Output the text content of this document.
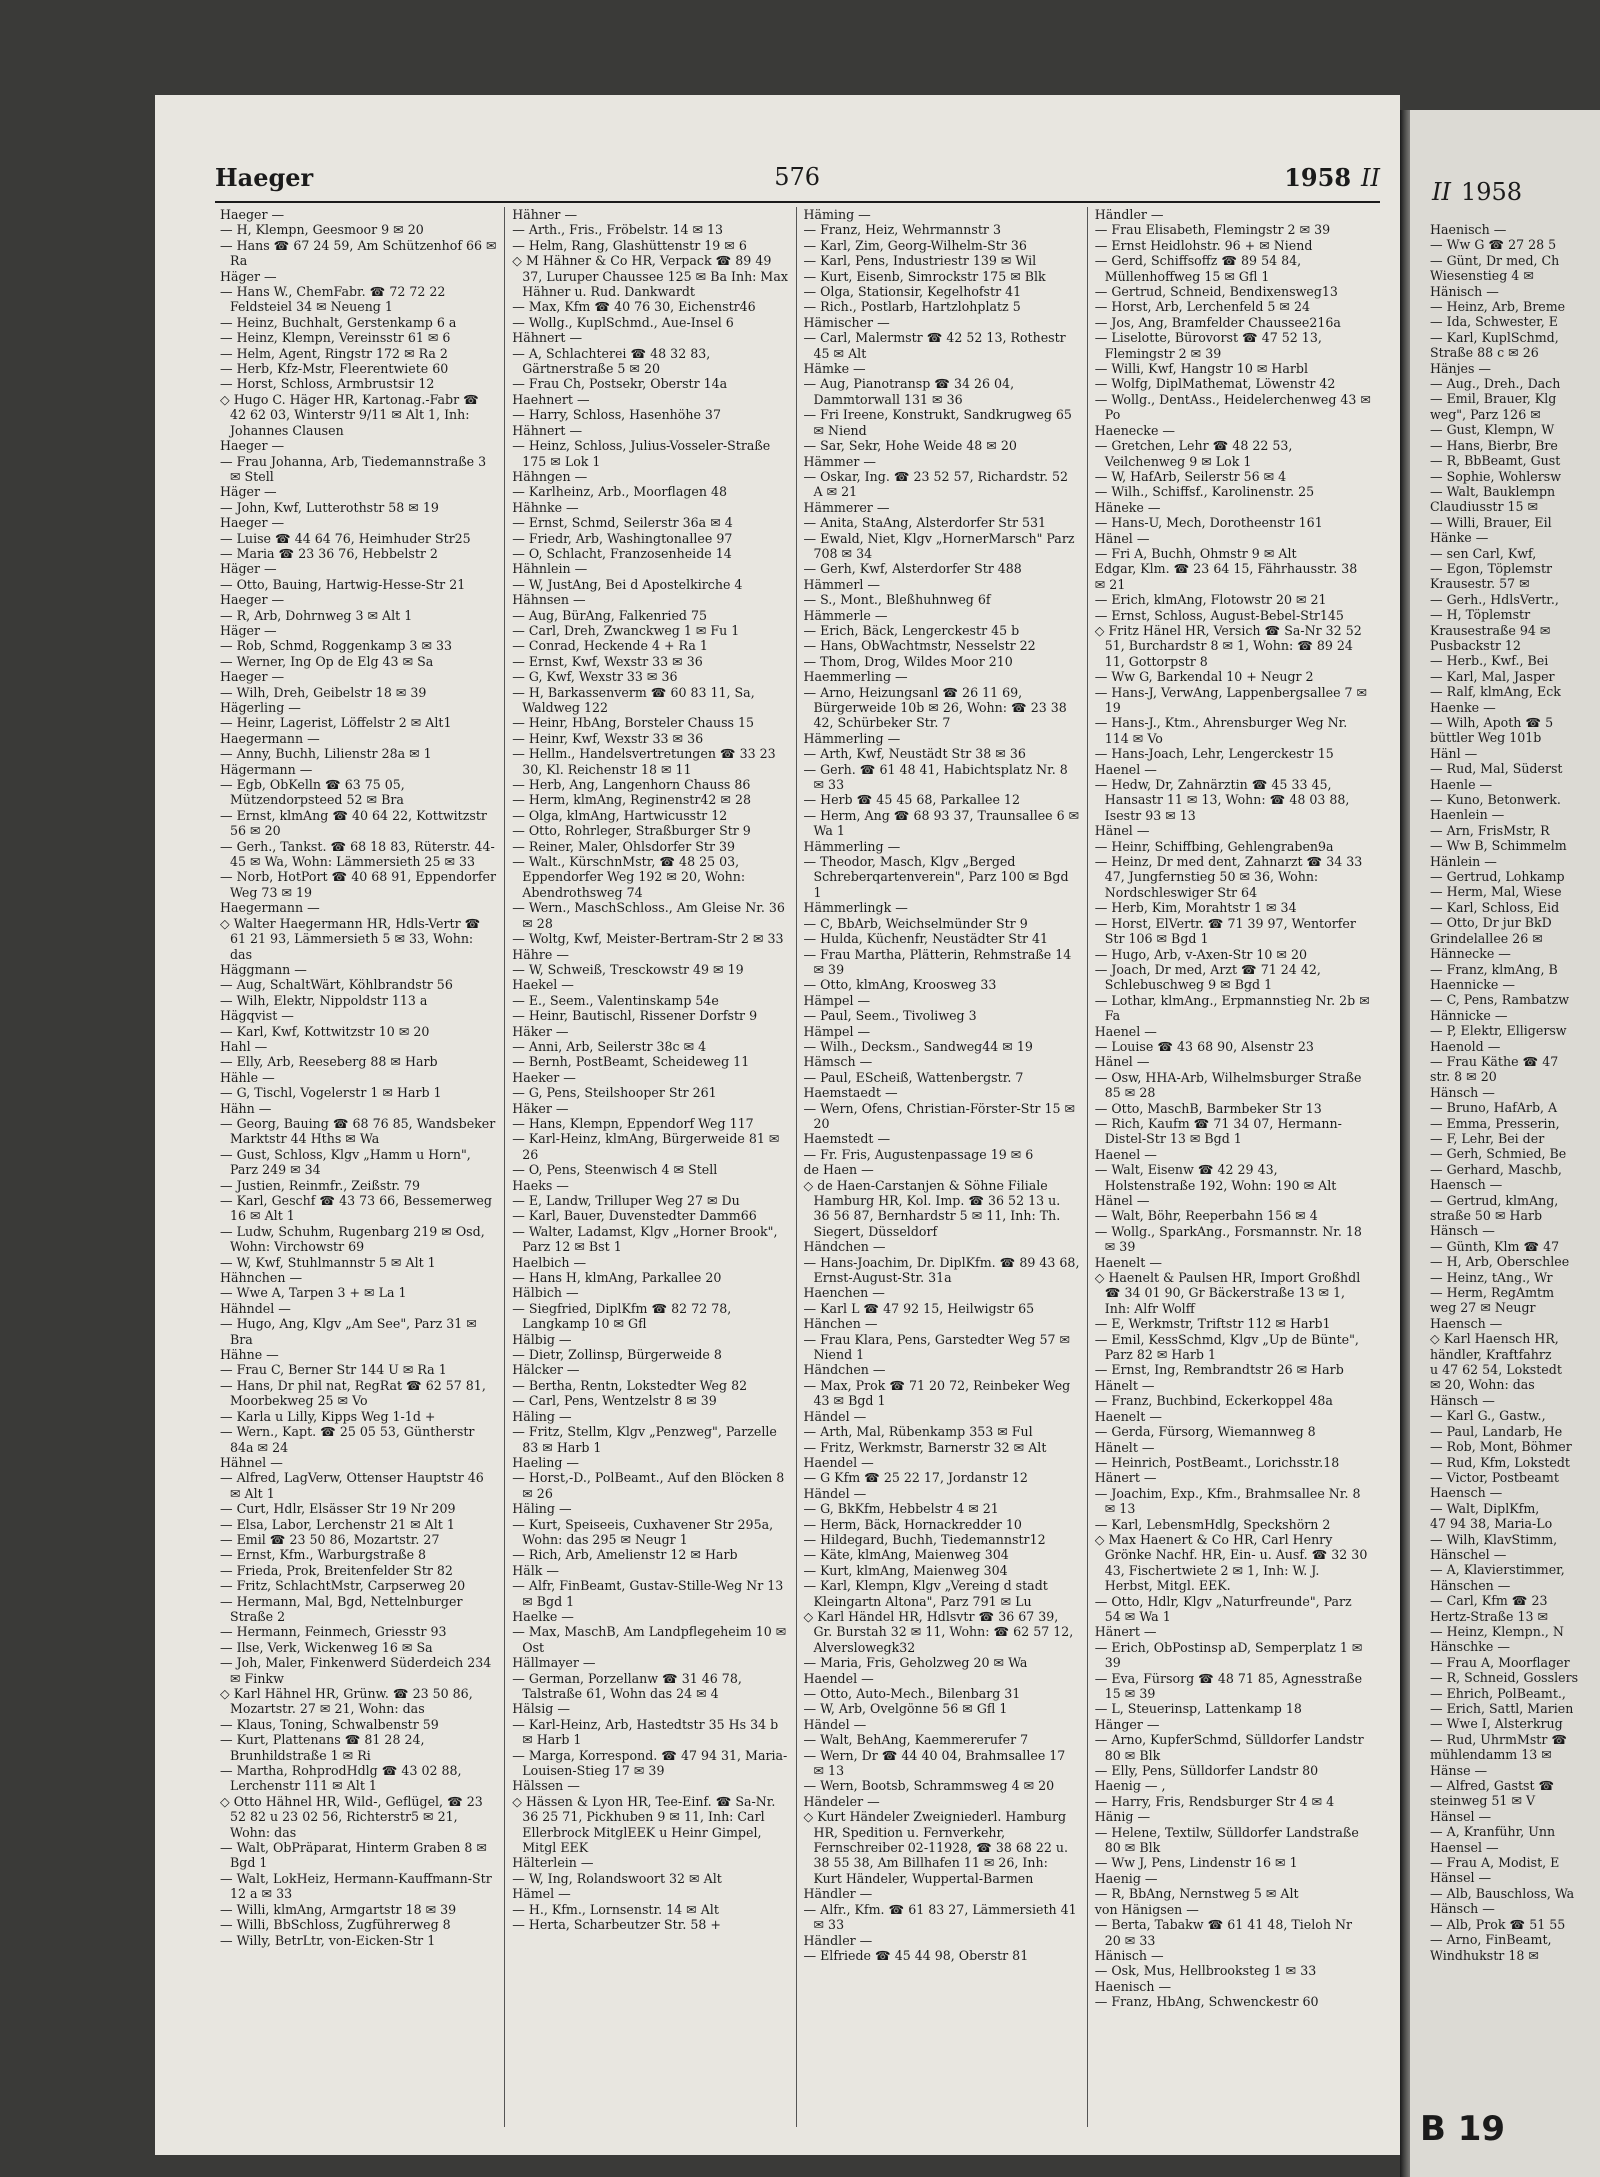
Haeger	576	1958 II

Haeger —

— H, Klempn, Geesmoor 9 ✉ 20

— Hans ☎ 67 24 59, Am Schützenhof 66 ✉ Ra

Häger —

— Hans W., ChemFabr. ☎ 72 72 22 Feldsteiel 34 ✉ Neueng 1

— Heinz, Buchhalt, Gerstenkamp 6 a

— Heinz, Klempn, Vereinsstr 61 ✉ 6

— Helm, Agent, Ringstr 172 ✉ Ra 2

— Herb, Kfz-Mstr, Fleerentwiete 60

— Horst, Schloss, Armbrustsir 12

◇ Hugo C. Häger HR, Kartonag.-Fabr ☎ 42 62 03, Winterstr 9/11 ✉ Alt 1, Inh: Johannes Clausen

Haeger —

— Frau Johanna, Arb, Tiedemannstraße 3 ✉ Stell

Häger —

— John, Kwf, Lutterothstr 58 ✉ 19

Haeger —

— Luise ☎ 44 64 76, Heimhuder Str25

— Maria ☎ 23 36 76, Hebbelstr 2

Häger —

— Otto, Bauing, Hartwig-Hesse-Str 21

Haeger —

— R, Arb, Dohrnweg 3 ✉ Alt 1

Häger —

— Rob, Schmd, Roggenkamp 3 ✉ 33

— Werner, Ing Op de Elg 43 ✉ Sa

Haeger —

— Wilh, Dreh, Geibelstr 18 ✉ 39

Hägerling —

— Heinr, Lagerist, Löffelstr 2 ✉ Alt1

Haegermann —

— Anny, Buchh, Lilienstr 28a ✉ 1

Hägermann —

— Egb, ObKelln ☎ 63 75 05, Mützendorpsteed 52 ✉ Bra

— Ernst, klmAng ☎ 40 64 22, Kottwitzstr 56 ✉ 20

— Gerh., Tankst. ☎ 68 18 83, Rüterstr. 44-45 ✉ Wa, Wohn: Lämmersieth 25 ✉ 33

— Norb, HotPort ☎ 40 68 91, Eppendorfer Weg 73 ✉ 19

Haegermann —

◇ Walter Haegermann HR, Hdls-Vertr ☎ 61 21 93, Lämmersieth 5 ✉ 33, Wohn: das

Häggmann —

— Aug, SchaltWärt, Köhlbrandstr 56

— Wilh, Elektr, Nippoldstr 113 a

Hägqvist —

— Karl, Kwf, Kottwitzstr 10 ✉ 20

Hahl —

— Elly, Arb, Reeseberg 88 ✉ Harb

Hähle —

— G, Tischl, Vogelerstr 1 ✉ Harb 1

Hähn —

— Georg, Bauing ☎ 68 76 85, Wandsbeker Marktstr 44 Hths ✉ Wa

— Gust, Schloss, Klgv „Hamm u Horn", Parz 249 ✉ 34

— Justien, Reinmfr., Zeißstr. 79

— Karl, Geschf ☎ 43 73 66, Bessemerweg 16 ✉ Alt 1

— Ludw, Schuhm, Rugenbarg 219 ✉ Osd, Wohn: Virchowstr 69

— W, Kwf, Stuhlmannstr 5 ✉ Alt 1

Hähnchen —

— Wwe A, Tarpen 3 + ✉ La 1

Hähndel —

— Hugo, Ang, Klgv „Am See", Parz 31 ✉ Bra

Hähne —

— Frau C, Berner Str 144 U ✉ Ra 1

— Hans, Dr phil nat, RegRat ☎ 62 57 81, Moorbekweg 25 ✉ Vo

— Karla u Lilly, Kipps Weg 1-1d +

— Wern., Kapt. ☎ 25 05 53, Güntherstr 84a ✉ 24

Hähnel —

— Alfred, LagVerw, Ottenser Hauptstr 46 ✉ Alt 1

— Curt, Hdlr, Elsässer Str 19 Nr 209

— Elsa, Labor, Lerchenstr 21 ✉ Alt 1

— Emil ☎ 23 50 86, Mozartstr. 27

— Ernst, Kfm., Warburgstraße 8

— Frieda, Prok, Breitenfelder Str 82

— Fritz, SchlachtMstr, Carpserweg 20

— Hermann, Mal, Bgd, Nettelnburger Straße 2

— Hermann, Feinmech, Griesstr 93

— Ilse, Verk, Wickenweg 16 ✉ Sa

— Joh, Maler, Finkenwerd Süderdeich 234 ✉ Finkw

◇ Karl Hähnel HR, Grünw. ☎ 23 50 86, Mozartstr. 27 ✉ 21, Wohn: das

— Klaus, Toning, Schwalbenstr 59

— Kurt, Plattenans ☎ 81 28 24, Brunhildstraße 1 ✉ Ri

— Martha, RohprodHdlg ☎ 43 02 88, Lerchenstr 111 ✉ Alt 1

◇ Otto Hähnel HR, Wild-, Geflügel, ☎ 23 52 82 u 23 02 56, Richterstr5 ✉ 21, Wohn: das

— Walt, ObPräparat, Hinterm Graben 8 ✉ Bgd 1

— Walt, LokHeiz, Hermann-Kauffmann-Str 12 a ✉ 33

— Willi, klmAng, Armgartstr 18 ✉ 39

— Willi, BbSchloss, Zugführerweg 8

— Willy, BetrLtr, von-Eicken-Str 1

Hähner —

— Arth., Fris., Fröbelstr. 14 ✉ 13

— Helm, Rang, Glashüttenstr 19 ✉ 6

◇ M Hähner & Co HR, Verpack ☎ 89 49 37, Luruper Chaussee 125 ✉ Ba Inh: Max Hähner u. Rud. Dankwardt

— Max, Kfm ☎ 40 76 30, Eichenstr46

— Wollg., KuplSchmd., Aue-Insel 6

Hähnert —

— A, Schlachterei ☎ 48 32 83, Gärtnerstraße 5 ✉ 20

— Frau Ch, Postsekr, Oberstr 14a

Haehnert —

— Harry, Schloss, Hasenhöhe 37

Hähnert —

— Heinz, Schloss, Julius-Vosseler-Straße 175 ✉ Lok 1

Hähngen —

— Karlheinz, Arb., Moorflagen 48

Hähnke —

— Ernst, Schmd, Seilerstr 36a ✉ 4

— Friedr, Arb, Washingtonallee 97

— O, Schlacht, Franzosenheide 14

Hähnlein —

— W, JustAng, Bei d Apostelkirche 4

Hähnsen —

— Aug, BürAng, Falkenried 75

— Carl, Dreh, Zwanckweg 1 ✉ Fu 1

— Conrad, Heckende 4 + Ra 1

— Ernst, Kwf, Wexstr 33 ✉ 36

— G, Kwf, Wexstr 33 ✉ 36

— H, Barkassenverm ☎ 60 83 11, Sa, Waldweg 122

— Heinr, HbAng, Borsteler Chauss 15

— Heinr, Kwf, Wexstr 33 ✉ 36

— Hellm., Handelsvertretungen ☎ 33 23 30, Kl. Reichenstr 18 ✉ 11

— Herb, Ang, Langenhorn Chauss 86

— Herm, klmAng, Reginenstr42 ✉ 28

— Olga, klmAng, Hartwicusstr 12

— Otto, Rohrleger, Straßburger Str 9

— Reiner, Maler, Ohlsdorfer Str 39

— Walt., KürschnMstr, ☎ 48 25 03, Eppendorfer Weg 192 ✉ 20, Wohn: Abendrothsweg 74

— Wern., MaschSchloss., Am Gleise Nr. 36 ✉ 28

— Woltg, Kwf, Meister-Bertram-Str 2 ✉ 33

Hähre —

— W, Schweiß, Tresckowstr 49 ✉ 19

Haekel —

— E., Seem., Valentinskamp 54e

— Heinr, Bautischl, Rissener Dorfstr 9

Häker —

— Anni, Arb, Seilerstr 38c ✉ 4

— Bernh, PostBeamt, Scheideweg 11

Haeker —

— G, Pens, Steilshooper Str 261

Häker —

— Hans, Klempn, Eppendorf Weg 117

— Karl-Heinz, klmAng, Bürgerweide 81 ✉ 26

— O, Pens, Steenwisch 4 ✉ Stell

Haeks —

— E, Landw, Trilluper Weg 27 ✉ Du

— Karl, Bauer, Duvenstedter Damm66

— Walter, Ladamst, Klgv „Horner Brook", Parz 12 ✉ Bst 1

Haelbich —

— Hans H, klmAng, Parkallee 20

Hälbich —

— Siegfried, DiplKfm ☎ 82 72 78, Langkamp 10 ✉ Gfl

Hälbig —

— Dietr, Zollinsp, Bürgerweide 8

Hälcker —

— Bertha, Rentn, Lokstedter Weg 82

— Carl, Pens, Wentzelstr 8 ✉ 39

Häling —

— Fritz, Stellm, Klgv „Penzweg", Parzelle 83 ✉ Harb 1

Haeling —

— Horst,-D., PolBeamt., Auf den Blöcken 8 ✉ 26

Häling —

— Kurt, Speiseeis, Cuxhavener Str 295a, Wohn: das 295 ✉ Neugr 1

— Rich, Arb, Amelienstr 12 ✉ Harb

Hälk —

— Alfr, FinBeamt, Gustav-Stille-Weg Nr 13 ✉ Bgd 1

Haelke —

— Max, MaschB, Am Landpflegeheim 10 ✉ Ost

Hällmayer —

— German, Porzellanw ☎ 31 46 78, Talstraße 61, Wohn das 24 ✉ 4

Hälsig —

— Karl-Heinz, Arb, Hastedtstr 35 Hs 34 b ✉ Harb 1

— Marga, Korrespond. ☎ 47 94 31, Maria-Louisen-Stieg 17 ✉ 39

Hälssen —

◇ Hässen & Lyon HR, Tee-Einf. ☎ Sa-Nr. 36 25 71, Pickhuben 9 ✉ 11, Inh: Carl Ellerbrock MitglEEK u Heinr Gimpel, Mitgl EEK

Hälterlein —

— W, Ing, Rolandswoort 32 ✉ Alt

Hämel —

— H., Kfm., Lornsenstr. 14 ✉ Alt

— Herta, Scharbeutzer Str. 58 +

Häming —

— Franz, Heiz, Wehrmannstr 3

— Karl, Zim, Georg-Wilhelm-Str 36

— Karl, Pens, Industriestr 139 ✉ Wil

— Kurt, Eisenb, Simrockstr 175 ✉ Blk

— Olga, Stationsir, Kegelhofstr 41

— Rich., Postlarb, Hartzlohplatz 5

Hämischer —

— Carl, Malermstr ☎ 42 52 13, Rothestr 45 ✉ Alt

Hämke —

— Aug, Pianotransp ☎ 34 26 04, Dammtorwall 131 ✉ 36

— Fri Ireene, Konstrukt, Sandkrugweg 65 ✉ Niend

— Sar, Sekr, Hohe Weide 48 ✉ 20

Hämmer —

— Oskar, Ing. ☎ 23 52 57, Richardstr. 52 A ✉ 21

Hämmerer —

— Anita, StaAng, Alsterdorfer Str 531

— Ewald, Niet, Klgv „HornerMarsch" Parz 708 ✉ 34

— Gerh, Kwf, Alsterdorfer Str 488

Hämmerl —

— S., Mont., Bleßhuhnweg 6f

Hämmerle —

— Erich, Bäck, Lengerckestr 45 b

— Hans, ObWachtmstr, Nesselstr 22

— Thom, Drog, Wildes Moor 210

Haemmerling —

— Arno, Heizungsanl ☎ 26 11 69, Bürgerweide 10b ✉ 26, Wohn: ☎ 23 38 42, Schürbeker Str. 7

Hämmerling —

— Arth, Kwf, Neustädt Str 38 ✉ 36

— Gerh. ☎ 61 48 41, Habichtsplatz Nr. 8 ✉ 33

— Herb ☎ 45 45 68, Parkallee 12

— Herm, Ang ☎ 68 93 37, Traunsallee 6 ✉ Wa 1

Hämmerling —

— Theodor, Masch, Klgv „Berged Schreberqartenverein", Parz 100 ✉ Bgd 1

Hämmerlingk —

— C, BbArb, Weichselmünder Str 9

— Hulda, Küchenfr, Neustädter Str 41

— Frau Martha, Plätterin, Rehmstraße 14 ✉ 39

— Otto, klmAng, Kroosweg 33

Hämpel —

— Paul, Seem., Tivoliweg 3

Hämpel —

— Wilh., Decksm., Sandweg44 ✉ 19

Hämsch —

— Paul, EScheiß, Wattenbergstr. 7

Haemstaedt —

— Wern, Ofens, Christian-Förster-Str 15 ✉ 20

Haemstedt —

— Fr. Fris, Augustenpassage 19 ✉ 6

de Haen —

◇ de Haen-Carstanjen & Söhne Filiale Hamburg HR, Kol. Imp. ☎ 36 52 13 u. 36 56 87, Bernhardstr 5 ✉ 11, Inh: Th. Siegert, Düsseldorf

Händchen —

— Hans-Joachim, Dr. DiplKfm. ☎ 89 43 68, Ernst-August-Str. 31a

Haenchen —

— Karl L ☎ 47 92 15, Heilwigstr 65

Hänchen —

— Frau Klara, Pens, Garstedter Weg 57 ✉ Niend 1

Händchen —

— Max, Prok ☎ 71 20 72, Reinbeker Weg 43 ✉ Bgd 1

Händel —

— Arth, Mal, Rübenkamp 353 ✉ Ful

— Fritz, Werkmstr, Barnerstr 32 ✉ Alt

Haendel —

— G Kfm ☎ 25 22 17, Jordanstr 12

Händel —

— G, BkKfm, Hebbelstr 4 ✉ 21

— Herm, Bäck, Hornackredder 10

— Hildegard, Buchh, Tiedemannstr12

— Käte, klmAng, Maienweg 304

— Kurt, klmAng, Maienweg 304

— Karl, Klempn, Klgv „Vereing d stadt Kleingartn Altona", Parz 791 ✉ Lu

◇ Karl Händel HR, Hdlsvtr ☎ 36 67 39, Gr. Burstah 32 ✉ 11, Wohn: ☎ 62 57 12, Alverslowegk32

— Maria, Fris, Geholzweg 20 ✉ Wa

Haendel —

— Otto, Auto-Mech., Bilenbarg 31

— W, Arb, Ovelgönne 56 ✉ Gfl 1

Händel —

— Walt, BehAng, Kaemmererufer 7

— Wern, Dr ☎ 44 40 04, Brahmsallee 17 ✉ 13

— Wern, Bootsb, Schrammsweg 4 ✉ 20

Händeler —

◇ Kurt Händeler Zweigniederl. Hamburg HR, Spedition u. Fernverkehr, Fernschreiber 02-11928, ☎ 38 68 22 u. 38 55 38, Am Billhafen 11 ✉ 26, Inh: Kurt Händeler, Wuppertal-Barmen

Händler —

— Alfr., Kfm. ☎ 61 83 27, Lämmersieth 41 ✉ 33

Händler —

— Elfriede ☎ 45 44 98, Oberstr 81

Händler —

— Frau Elisabeth, Flemingstr 2 ✉ 39

— Ernst Heidlohstr. 96 + ✉ Niend

— Gerd, Schiffsoffz ☎ 89 54 84, Müllenhoffweg 15 ✉ Gfl 1

— Gertrud, Schneid, Bendixensweg13

— Horst, Arb, Lerchenfeld 5 ✉ 24

— Jos, Ang, Bramfelder Chaussee216a

— Liselotte, Bürovorst ☎ 47 52 13, Flemingstr 2 ✉ 39

— Willi, Kwf, Hangstr 10 ✉ Harbl

— Wolfg, DiplMathemat, Löwenstr 42

— Wollg., DentAss., Heidelerchenweg 43 ✉ Po

Haenecke —

— Gretchen, Lehr ☎ 48 22 53, Veilchenweg 9 ✉ Lok 1

— W, HafArb, Seilerstr 56 ✉ 4

— Wilh., Schiffsf., Karolinenstr. 25

Häneke —

— Hans-U, Mech, Dorotheenstr 161

Hänel —

— Fri A, Buchh, Ohmstr 9 ✉ Alt

Edgar, Klm. ☎ 23 64 15, Fährhausstr. 38 ✉ 21

— Erich, klmAng, Flotowstr 20 ✉ 21

— Ernst, Schloss, August-Bebel-Str145

◇ Fritz Hänel HR, Versich ☎ Sa-Nr 32 52 51, Burchardstr 8 ✉ 1, Wohn: ☎ 89 24 11, Gottorpstr 8

— Ww G, Barkendal 10 + Neugr 2

— Hans-J, VerwAng, Lappenbergsallee 7 ✉ 19

— Hans-J., Ktm., Ahrensburger Weg Nr. 114 ✉ Vo

— Hans-Joach, Lehr, Lengerckestr 15

Haenel —

— Hedw, Dr, Zahnärztin ☎ 45 33 45, Hansastr 11 ✉ 13, Wohn: ☎ 48 03 88, Isestr 93 ✉ 13

Hänel —

— Heinr, Schiffbing, Gehlengraben9a

— Heinz, Dr med dent, Zahnarzt ☎ 34 33 47, Jungfernstieg 50 ✉ 36, Wohn: Nordschleswiger Str 64

— Herb, Kim, Morahtstr 1 ✉ 34

— Horst, ElVertr. ☎ 71 39 97, Wentorfer Str 106 ✉ Bgd 1

— Hugo, Arb, v-Axen-Str 10 ✉ 20

— Joach, Dr med, Arzt ☎ 71 24 42, Schlebuschweg 9 ✉ Bgd 1

— Lothar, klmAng., Erpmannstieg Nr. 2b ✉ Fa

Haenel —

— Louise ☎ 43 68 90, Alsenstr 23

Hänel —

— Osw, HHA-Arb, Wilhelmsburger Straße 85 ✉ 28

— Otto, MaschB, Barmbeker Str 13

— Rich, Kaufm ☎ 71 34 07, Hermann-Distel-Str 13 ✉ Bgd 1

Haenel —

— Walt, Eisenw ☎ 42 29 43, Holstenstraße 192, Wohn: 190 ✉ Alt

Hänel —

— Walt, Böhr, Reeperbahn 156 ✉ 4

— Wollg., SparkAng., Forsmannstr. Nr. 18 ✉ 39

Haenelt —

◇ Haenelt & Paulsen HR, Import Großhdl ☎ 34 01 90, Gr Bäckerstraße 13 ✉ 1, Inh: Alfr Wolff

— E, Werkmstr, Triftstr 112 ✉ Harb1

— Emil, KessSchmd, Klgv „Up de Bünte", Parz 82 ✉ Harb 1

— Ernst, Ing, Rembrandtstr 26 ✉ Harb

Hänelt —

— Franz, Buchbind, Eckerkoppel 48a

Haenelt —

— Gerda, Fürsorg, Wiemannweg 8

Hänelt —

— Heinrich, PostBeamt., Lorichsstr.18

Hänert —

— Joachim, Exp., Kfm., Brahmsallee Nr. 8 ✉ 13

— Karl, LebensmHdlg, Speckshörn 2

◇ Max Haenert & Co HR, Carl Henry Grönke Nachf. HR, Ein- u. Ausf. ☎ 32 30 43, Fischertwiete 2 ✉ 1, Inh: W. J. Herbst, Mitgl. EEK.

— Otto, Hdlr, Klgv „Naturfreunde", Parz 54 ✉ Wa 1

Hänert —

— Erich, ObPostinsp aD, Semperplatz 1 ✉ 39

— Eva, Fürsorg ☎ 48 71 85, Agnesstraße 15 ✉ 39

— L, Steuerinsp, Lattenkamp 18

Hänger —

— Arno, KupferSchmd, Sülldorfer Landstr 80 ✉ Blk

— Elly, Pens, Sülldorfer Landstr 80

Haenig — ,

— Harry, Fris, Rendsburger Str 4 ✉ 4

Hänig —

— Helene, Textilw, Sülldorfer Landstraße 80 ✉ Blk

— Ww J, Pens, Lindenstr 16 ✉ 1

Haenig —

— R, BbAng, Nernstweg 5 ✉ Alt

von Hänigsen —

— Berta, Tabakw ☎ 61 41 48, Tieloh Nr 20 ✉ 33

Hänisch —

— Osk, Mus, Hellbrooksteg 1 ✉ 33

Haenisch —

— Franz, HbAng, Schwenckestr 60

II 1958
Haenisch —
— Ww G ☎ 27 28 5
— Günt, Dr med, Ch
Wiesenstieg 4 ✉
Hänisch —
— Heinz, Arb, Breme
— Ida, Schwester, E
— Karl, KuplSchmd,
Straße 88 c ✉ 26
Hänjes —
— Aug., Dreh., Dach
— Emil, Brauer, Klg
weg", Parz 126 ✉
— Gust, Klempn, W
— Hans, Bierbr, Bre
— R, BbBeamt, Gust
— Sophie, Wohlersw
— Walt, Bauklempn
Claudiusstr 15 ✉
— Willi, Brauer, Eil
Hänke —
— sen Carl, Kwf,
— Egon, Töplemstr
Krausestr. 57 ✉
— Gerh., HdlsVertr.,
— H, Töplemstr
Krausestraße 94 ✉
Pusbackstr 12
— Herb., Kwf., Bei
— Karl, Mal, Jasper
— Ralf, klmAng, Eck
Haenke —
— Wilh, Apoth ☎ 5
büttler Weg 101b
Hänl —
— Rud, Mal, Süderst
Haenle —
— Kuno, Betonwerk.
Haenlein —
— Arn, FrisMstr, R
— Ww B, Schimmelm
Hänlein —
— Gertrud, Lohkamp
— Herm, Mal, Wiese
— Karl, Schloss, Eid
— Otto, Dr jur BkD
Grindelallee 26 ✉
Hännecke —
— Franz, klmAng, B
Haennicke —
— C, Pens, Rambatzw
Hännicke —
— P, Elektr, Elligersw
Haenold —
— Frau Käthe ☎ 47
str. 8 ✉ 20
Hänsch —
— Bruno, HafArb, A
— Emma, Presserin,
— F, Lehr, Bei der
— Gerh, Schmied, Be
— Gerhard, Maschb,
Haensch —
— Gertrud, klmAng,
straße 50 ✉ Harb
Hänsch —
— Günth, Klm ☎ 47
— H, Arb, Oberschlee
— Heinz, tAng., Wr
— Herm, RegAmtm
weg 27 ✉ Neugr
Haensch —
◇ Karl Haensch HR,
händler, Kraftfahrz
u 47 62 54, Lokstedt
✉ 20, Wohn: das
Hänsch —
— Karl G., Gastw.,
— Paul, Landarb, He
— Rob, Mont, Böhmer
— Rud, Kfm, Lokstedt
— Victor, Postbeamt
Haensch —
— Walt, DiplKfm,
47 94 38, Maria-Lo
— Wilh, KlavStimm,
Hänschel —
— A, Klavierstimmer,
Hänschen —
— Carl, Kfm ☎ 23
Hertz-Straße 13 ✉
— Heinz, Klempn., N
Hänschke —
— Frau A, Moorflager
— R, Schneid, Gosslers
— Ehrich, PolBeamt.,
— Erich, Sattl, Marien
— Wwe I, Alsterkrug
— Rud, UhrmMstr ☎
mühlendamm 13 ✉
Hänse —
— Alfred, Gastst ☎
steinweg 51 ✉ V
Hänsel —
— A, Kranführ, Unn
Haensel —
— Frau A, Modist, E
Hänsel —
— Alb, Bauschloss, Wa
Hänsch —
— Alb, Prok ☎ 51 55
— Arno, FinBeamt,
Windhukstr 18 ✉
B 19
